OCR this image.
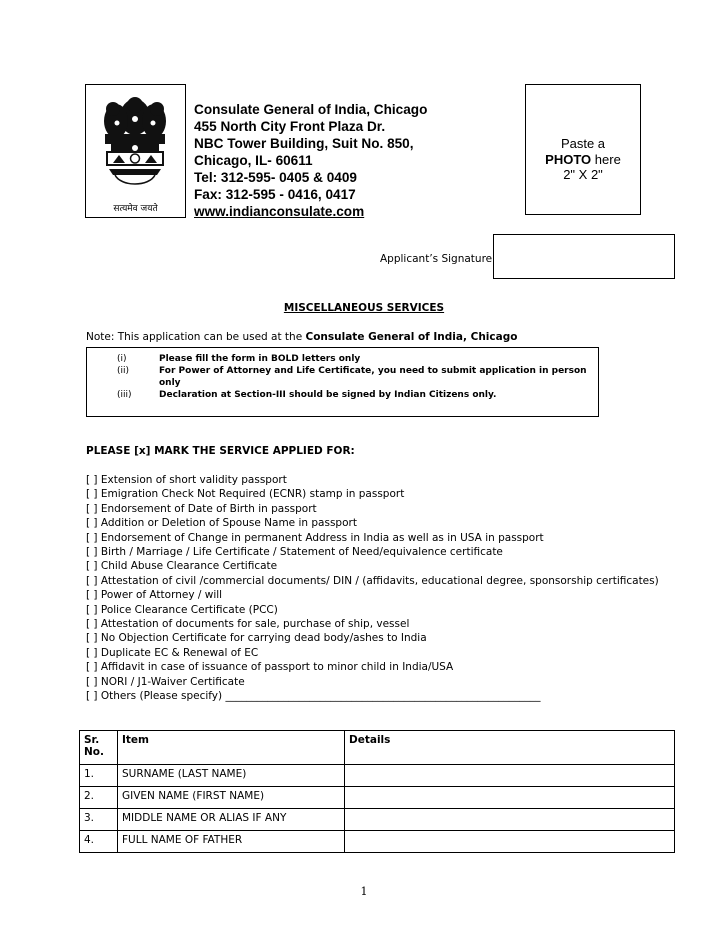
सत्यमेव जयते
Consulate General of India, Chicago
455 North City Front Plaza Dr.
NBC Tower Building, Suit No. 850,
Chicago, IL- 60611
Tel: 312-595- 0405 & 0409
Fax: 312-595 - 0416, 0417
www.indianconsulate.com
Paste a
PHOTO here
2" X 2"
Applicant’s Signature
MISCELLANEOUS SERVICES
Note: This application can be used at the Consulate General of India, Chicago
(i)	Please fill the form in BOLD letters only
(ii)	For Power of Attorney and Life Certificate, you need to submit application in person only
(iii)	Declaration at Section-III should be signed by Indian Citizens only.
PLEASE [x] MARK THE SERVICE APPLIED FOR:
[ ] Extension of short validity passport
[ ] Emigration Check Not Required (ECNR) stamp in passport
[ ] Endorsement of Date of Birth in passport
[ ] Addition or Deletion of Spouse Name in passport
[ ] Endorsement of Change in permanent Address in India as well as in USA in passport
[ ] Birth / Marriage / Life Certificate / Statement of Need/equivalence certificate
[ ] Child Abuse Clearance Certificate
[ ] Attestation of civil /commercial documents/ DIN / (affidavits, educational degree, sponsorship certificates)
[ ] Power of Attorney / will
[ ] Police Clearance Certificate (PCC)
[ ] Attestation of documents for sale, purchase of ship, vessel
[ ] No Objection Certificate for carrying dead body/ashes to India
[ ] Duplicate EC & Renewal of EC
[ ] Affidavit in case of issuance of passport to minor child in India/USA
[ ] NORI / J1-Waiver Certificate
[ ] Others (Please specify) ____________________________________________________________
Sr. No.	Item	Details
1.	SURNAME (LAST NAME)	
2.	GIVEN NAME (FIRST NAME)	
3.	MIDDLE NAME OR ALIAS IF ANY	
4.	FULL NAME OF FATHER	
1
